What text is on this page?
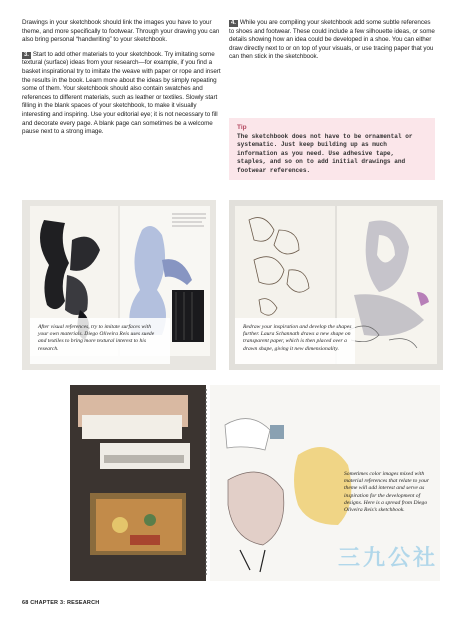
Drawings in your sketchbook should link the images you have to your theme, and more specifically to footwear. Through your drawing you can also bring personal “handwriting” to your sketchbook.

3. Start to add other materials to your sketchbook. Try imitating some textural (surface) ideas from your research—for example, if you find a basket inspirational try to imitate the weave with paper or rope and insert the results in the book. Learn more about the ideas by simply repeating some of them. Your sketchbook should also contain swatches and references to different materials, such as leather or textiles. Slowly start filling in the blank spaces of your sketchbook, to make it visually interesting and inspiring. Use your editorial eye; it is not necessary to fill and decorate every page. A blank page can sometimes be a welcome pause next to a strong image.

4. While you are compiling your sketchbook add some subtle references to shoes and footwear. These could include a few silhouette ideas, or some details showing how an idea could be developed in a shoe. You can either draw directly next to or on top of your visuals, or use tracing paper that you can then stick in the sketchbook.

Tip
The sketchbook does not have to be ornamental or systematic. Just keep building up as much information as you need. Use adhesive tape, staples, and so on to add initial drawings and footwear references.
After visual references, try to imitate surfaces with your own materials. Diego Oliveira Reis uses suede and textiles to bring more textural interest to his research.
Redraw your inspiration and develop the shapes further. Laura Schannath draws a new shape on transparent paper, which is then placed over a drawn shape, giving it new dimensionality.
Sometimes color images mixed with material references that relate to your theme will add interest and serve as inspiration for the development of designs. Here is a spread from Diego Oliveira Reis’s sketchbook.
三九公社
68 CHAPTER 3: RESEARCH
